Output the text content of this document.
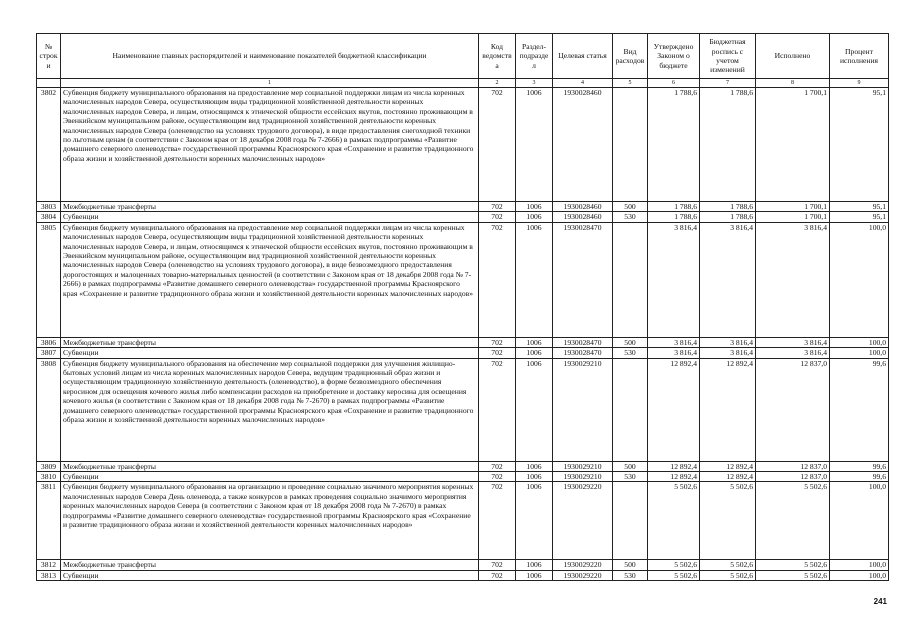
№ строки	Наименование главных распорядителей и наименование показателей бюджетной классификации	Код ведомства	Раздел-подраздел	Целевая статья	Вид расходов	Утверждено Законом о бюджете	Бюджетная роспись с учетом изменений	Исполнено	Процент исполнения
	1	2	3	4	5	6	7	8	9
3802	Субвенция бюджету муниципального образования на предоставление мер социальной поддержки лицам из числа коренных малочисленных народов Севера, осуществляющим виды традиционной хозяйственной деятельности коренных малочисленных народов Севера, и лицам, относящимся к этнической общности ессейских якутов, постоянно проживающим в Эвенкийском муниципальном районе, осуществляющим вид традиционной хозяйственной деятельности коренных малочисленных народов Севера (оленеводство на условиях трудового договора), в виде предоставления снегоходной техники по льготным ценам (в соответствии с Законом края от 18 декабря 2008 года № 7-2666) в рамках подпрограммы «Развитие домашнего северного оленеводства» государственной программы Красноярского края «Сохранение и развитие традиционного образа жизни и хозяйственной деятельности коренных малочисленных народов»	702	1006	1930028460		1 788,6	1 788,6	1 700,1	95,1
3803	Межбюджетные трансферты	702	1006	1930028460	500	1 788,6	1 788,6	1 700,1	95,1
3804	Субвенции	702	1006	1930028460	530	1 788,6	1 788,6	1 700,1	95,1
3805	Субвенция бюджету муниципального образования на предоставление мер социальной поддержки лицам из числа коренных малочисленных народов Севера, осуществляющим виды традиционной хозяйственной деятельности коренных малочисленных народов Севера, и лицам, относящимся к этнической общности ессейских якутов, постоянно проживающим в Эвенкийском муниципальном районе, осуществляющим вид традиционной хозяйственной деятельности коренных малочисленных народов Севера (оленеводство на условиях трудового договора), в виде безвозмездного предоставления дорогостоящих и малоценных товарно-материальных ценностей (в соответствии с Законом края от 18 декабря 2008 года № 7-2666) в рамках подпрограммы «Развитие домашнего северного оленеводства» государственной программы Красноярского края «Сохранение и развитие традиционного образа жизни и хозяйственной деятельности коренных малочисленных народов»	702	1006	1930028470		3 816,4	3 816,4	3 816,4	100,0
3806	Межбюджетные трансферты	702	1006	1930028470	500	3 816,4	3 816,4	3 816,4	100,0
3807	Субвенции	702	1006	1930028470	530	3 816,4	3 816,4	3 816,4	100,0
3808	Субвенция бюджету муниципального образования на обеспечение мер социальной поддержки для улучшения жилищно-бытовых условий лицам из числа коренных малочисленных народов Севера, ведущим традиционный образ жизни и осуществляющим традиционную хозяйственную деятельность (оленеводство), в форме безвозмездного обеспечения керосином для освещения кочевого жилья либо компенсации расходов на приобретение и доставку керосина для освещения кочевого жилья (в соответствии с Законом края от 18 декабря 2008 года № 7-2670) в рамках подпрограммы «Развитие домашнего северного оленеводства» государственной программы Красноярского края «Сохранение и развитие традиционного образа жизни и хозяйственной деятельности коренных малочисленных народов»	702	1006	1930029210		12 892,4	12 892,4	12 837,0	99,6
3809	Межбюджетные трансферты	702	1006	1930029210	500	12 892,4	12 892,4	12 837,0	99,6
3810	Субвенции	702	1006	1930029210	530	12 892,4	12 892,4	12 837,0	99,6
3811	Субвенция бюджету муниципального образования на организацию и проведение социально значимого мероприятия коренных малочисленных народов Севера День оленевода, а также конкурсов в рамках проведения социально значимого мероприятия коренных малочисленных народов Севера (в соответствии с Законом края от 18 декабря 2008 года № 7-2670) в рамках подпрограммы «Развитие домашнего северного оленеводства» государственной программы Красноярского края «Сохранение и развитие традиционного образа жизни и хозяйственной деятельности коренных малочисленных народов»	702	1006	1930029220		5 502,6	5 502,6	5 502,6	100,0
3812	Межбюджетные трансферты	702	1006	1930029220	500	5 502,6	5 502,6	5 502,6	100,0
3813	Субвенции	702	1006	1930029220	530	5 502,6	5 502,6	5 502,6	100,0
241
